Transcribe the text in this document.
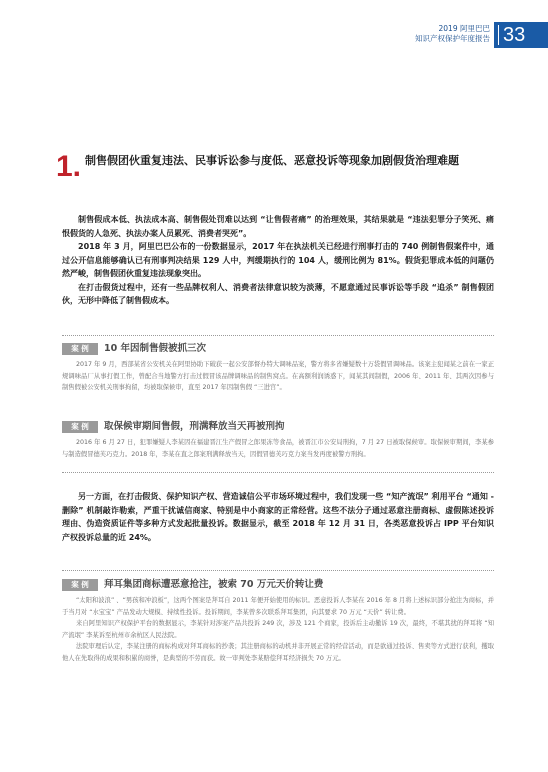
2019 阿里巴巴
知识产权保护年度报告 33
1. 制售假团伙重复违法、民事诉讼参与度低、恶意投诉等现象加剧假货治理难题

制售假成本低、执法成本高、制售假处罚难以达到 “让售假者痛” 的治理效果，其结果就是 “违法犯罪分子笑死、痛恨假货的人急死、执法办案人员累死、消费者哭死”。

2018 年 3 月，阿里巴巴公布的一份数据显示，2017 年在执法机关已经进行刑事打击的 740 例制售假案件中，通过公开信息能够确认已有刑事判决结果 129 人中，判缓期执行的 104 人，缓刑比例为 81%。假货犯罪成本低的问题仍然严峻，制售假团伙重复违法现象突出。

在打击假货过程中，还有一些品牌权利人、消费者法律意识较为淡薄，不愿意通过民事诉讼等手段 “追杀” 制售假团伙，无形中降低了制售假成本。

案 例	10 年因制售假被抓三次

2017 年 9 月，西部某省公安机关在阿里协助下破获一起公安部督办特大调味品案，警方将多省嫌疑数十万袋假冒调味品。该案主犯闻某之前在一家正规调味品厂从事打假工作，曾配合当地警方打击过假冒该品牌调味品的制售窝点。在高额利润诱惑下，闻某其间制假，2006 年、2011 年、其两次因参与制售假被公安机关刑事拘留，均被取保候审，直至 2017 年因制售假 “三进宫”。

案 例	取保候审期间售假，刑满释放当天再被刑拘

2016 年 6 月 27 日，犯罪嫌疑人李某因在福建晋江生产假冒之郎果冻等食品，被晋江市公安局刑拘，7 月 27 日被取保候审。取保候审期间，李某参与制造假冒德芙巧克力。2018 年，李某在直之郎案刑满释放当天，因假冒德芙巧克力案当发再度被警方刑拘。

另一方面，在打击假货、保护知识产权、营造诚信公平市场环境过程中，我们发现一些 “知产流氓” 利用平台 “通知 - 删除” 机制敲诈勒索，严重干扰诚信商家、特别是中小商家的正常经营。这些不法分子通过恶意注册商标、虚假陈述投诉理由、伪造资质证件等多种方式发起批量投诉。数据显示，截至 2018 年 12 月 31 日，各类恶意投诉占 IPP 平台知识产权投诉总量的近 24%。

案 例	拜耳集团商标遭恶意抢注，被索 70 万元天价转让费

“太阳和波浪” 、“男孩和冲浪板”，这两个图案是拜耳自 2011 年便开始使用的标识。恶意投诉人李某在 2016 年 8 月将上述标识部分抢注为商标，并于当月对 “水宝宝” 产品发动大规模、持续性投诉。投诉期间，李某曾多次联系拜耳集团，向其要求 70 万元 “天价” 转让费。

来自阿里知识产权保护平台的数据显示，李某针对涉案产品共投诉 249 次，涉及 121 个商家，投诉后主动撤诉 19 次，最终，不堪其扰的拜耳将 “知产流氓” 李某诉至杭州市余杭区人民法院。

法院审理后认定，李某注册的商标构成对拜耳商标的抄袭；其注册商标的动机并非开展正常的经营活动，而是欲通过投诉、售卖等方式进行获利，攫取他人在先取得的成果和积累的商誉，是典型的不劳而获。故一审判处李某赔偿拜耳经济损失 70 万元。
